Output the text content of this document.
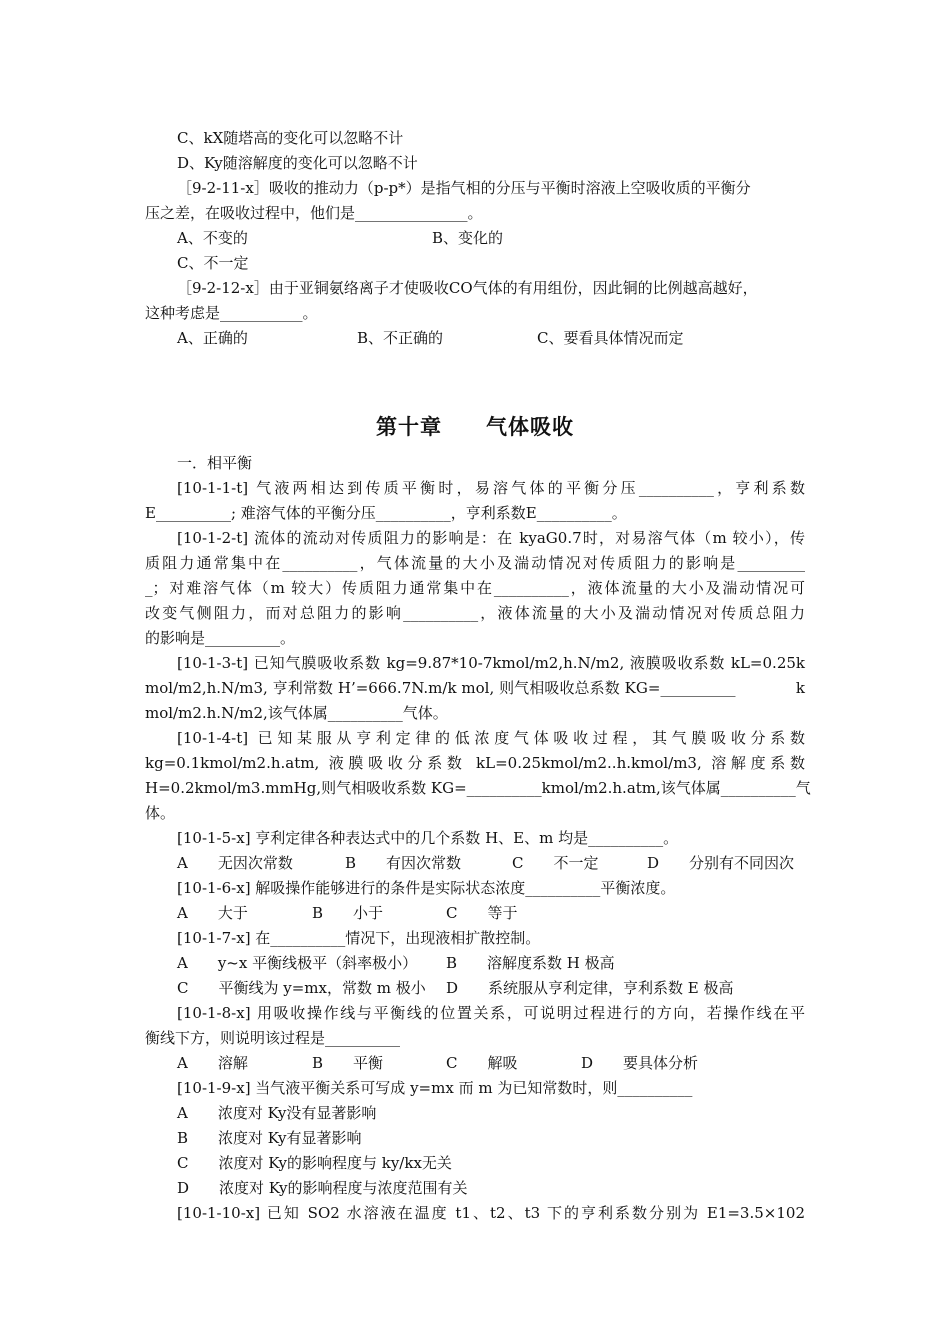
C、kX随塔高的变化可以忽略不计
D、Ky随溶解度的变化可以忽略不计
［9-2-11-x］吸收的推动力（p-p*）是指气相的分压与平衡时溶液上空吸收质的平衡分
压之差，在吸收过程中，他们是_______________。
A、不变的	B、变化的
C、不一定
［9-2-12-x］由于亚铜氨络离子才使吸收CO气体的有用组份，因此铜的比例越高越好，
这种考虑是___________。
A、正确的	B、不正确的	C、要看具体情况而定
第十章　　气体吸收
一．相平衡
[10-1-1-t] 气液两相达到传质平衡时，易溶气体的平衡分压__________，亨利系数
E__________; 难溶气体的平衡分压__________，亨利系数E__________。
[10-1-2-t] 流体的流动对传质阻力的影响是：在 kyaG0.7时，对易溶气体（m 较小），传
质阻力通常集中在__________，气体流量的大小及湍动情况对传质阻力的影响是_________
_；对难溶气体（m 较大）传质阻力通常集中在__________，液体流量的大小及湍动情况可
改变气侧阻力，而对总阻力的影响__________，液体流量的大小及湍动情况对传质总阻力
的影响是__________。
[10-1-3-t] 已知气膜吸收系数 kg=9.87*10-7kmol/m2,h.N/m2, 液膜吸收系数 kL=0.25k
mol/m2,h.N/m3, 亨利常数 H’=666.7N.m/k mol, 则气相吸收总系数 KG=__________　　　　k
mol/m2.h.N/m2,该气体属__________气体。
[10-1-4-t] 已知某服从亨利定律的低浓度气体吸收过程，其气膜吸收分系数
kg=0.1kmol/m2.h.atm, 液膜吸收分系数 kL=0.25kmol/m2..h.kmol/m3, 溶解度系数
H=0.2kmol/m3.mmHg,则气相吸收系数 KG=__________kmol/m2.h.atm,该气体属__________气
体。
[10-1-5-x] 亨利定律各种表达式中的几个系数 H、E、m 均是__________。
A　　无因次常数	B　　有因次常数	C　　不一定	D　　分别有不同因次
[10-1-6-x] 解吸操作能够进行的条件是实际状态浓度__________平衡浓度。
A　　大于	B　　小于	C　　等于
[10-1-7-x] 在__________情况下，出现液相扩散控制。
A　　y~x 平衡线极平（斜率极小） B　　溶解度系数 H 极高
C　　平衡线为 y=mx，常数 m 极小 D　　系统服从亨利定律，亨利系数 E 极高
[10-1-8-x] 用吸收操作线与平衡线的位置关系，可说明过程进行的方向，若操作线在平
衡线下方，则说明该过程是__________
A　　溶解	B　　平衡	C　　解吸	D　　要具体分析
[10-1-9-x] 当气液平衡关系可写成 y=mx 而 m 为已知常数时，则__________
A　　浓度对 Ky没有显著影响
B　　浓度对 Ky有显著影响
C　　浓度对 Ky的影响程度与 ky/kx无关
D　　浓度对 Ky的影响程度与浓度范围有关
[10-1-10-x] 已知 SO2 水溶液在温度 t1、t2、t3 下的亨利系数分别为 E1=3.5×102
